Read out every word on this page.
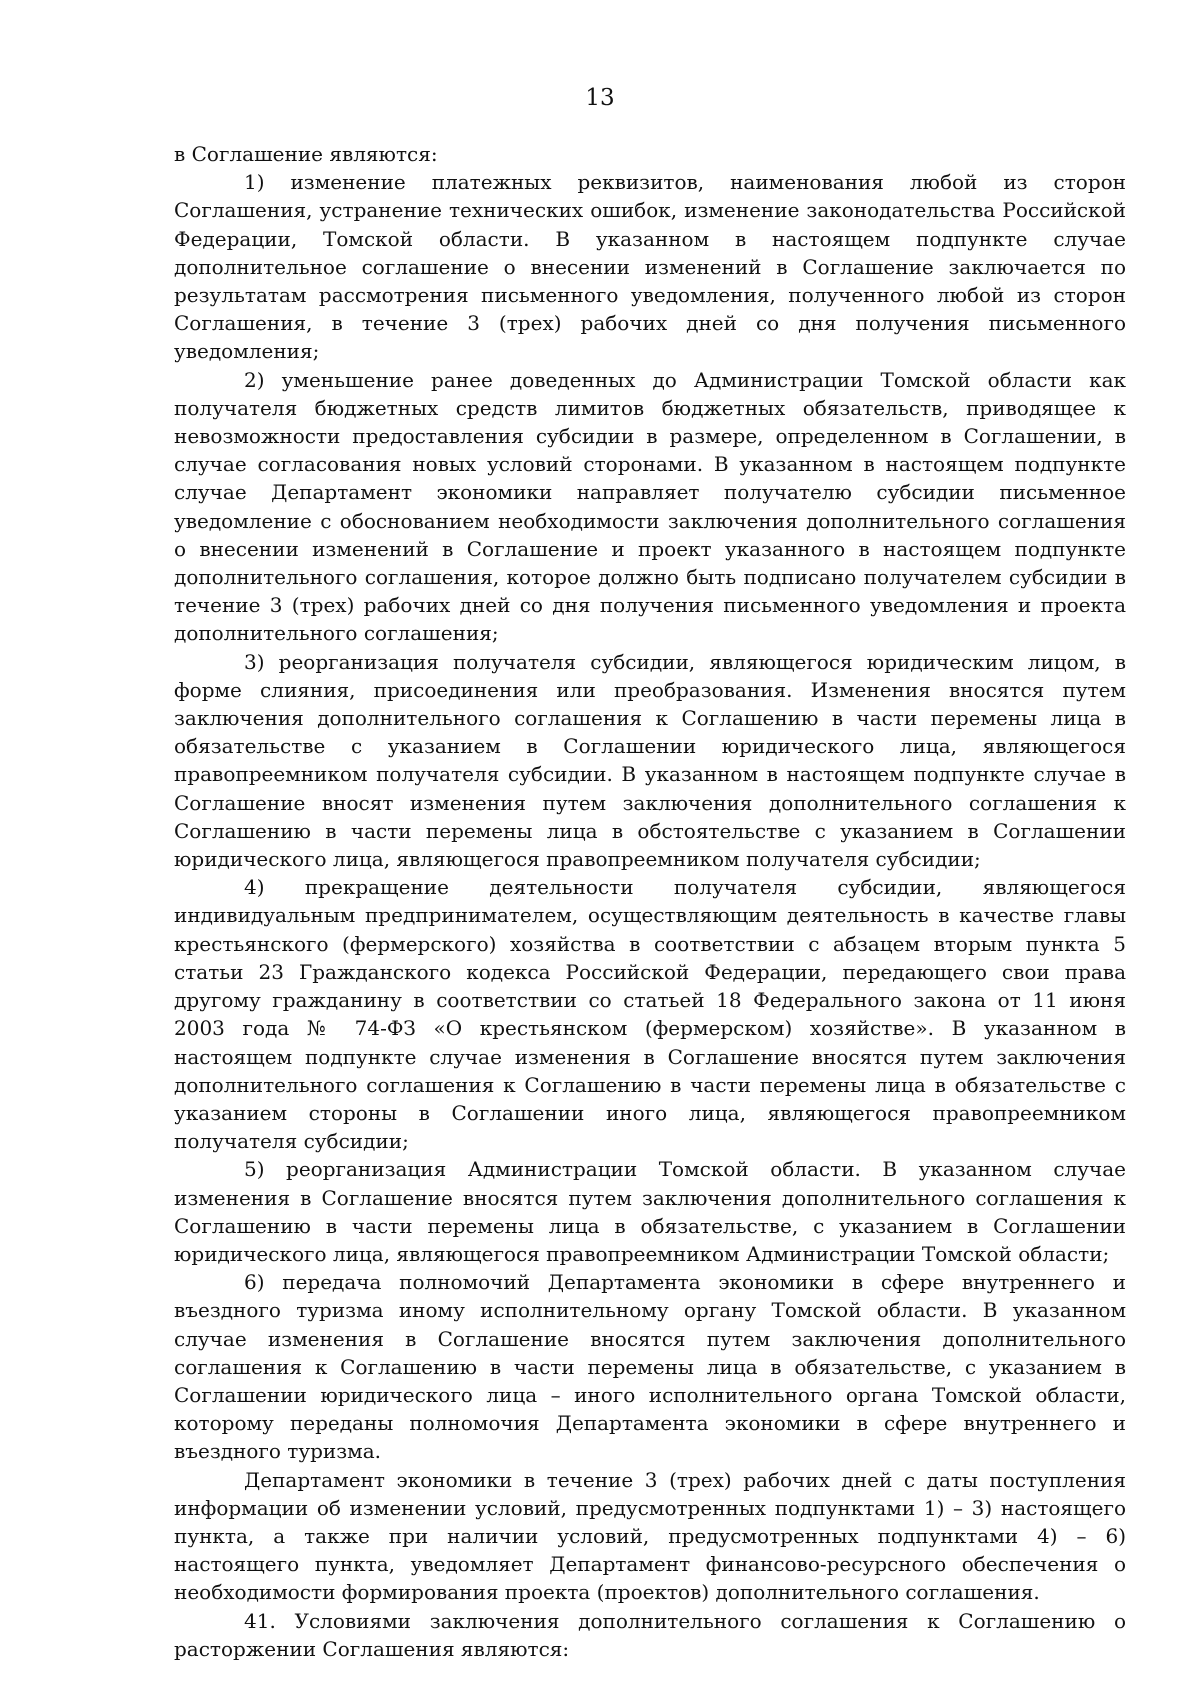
13

в Соглашение являются:

1) изменение платежных реквизитов, наименования любой из сторон Соглашения, устранение технических ошибок, изменение законодательства Российской Федерации, Томской области. В указанном в настоящем подпункте случае дополнительное соглашение о внесении изменений в Соглашение заключается по результатам рассмотрения письменного уведомления, полученного любой из сторон Соглашения, в течение 3 (трех) рабочих дней со дня получения письменного уведомления;

2) уменьшение ранее доведенных до Администрации Томской области как получателя бюджетных средств лимитов бюджетных обязательств, приводящее к невозможности предоставления субсидии в размере, определенном в Соглашении, в случае согласования новых условий сторонами. В указанном в настоящем подпункте случае Департамент экономики направляет получателю субсидии письменное уведомление с обоснованием необходимости заключения дополнительного соглашения о внесении изменений в Соглашение и проект указанного в настоящем подпункте дополнительного соглашения, которое должно быть подписано получателем субсидии в течение 3 (трех) рабочих дней со дня получения письменного уведомления и проекта дополнительного соглашения;

3) реорганизация получателя субсидии, являющегося юридическим лицом, в форме слияния, присоединения или преобразования. Изменения вносятся путем заключения дополнительного соглашения к Соглашению в части перемены лица в обязательстве с указанием в Соглашении юридического лица, являющегося правопреемником получателя субсидии. В указанном в настоящем подпункте случае в Соглашение вносят изменения путем заключения дополнительного соглашения к Соглашению в части перемены лица в обстоятельстве с указанием в Соглашении юридического лица, являющегося правопреемником получателя субсидии;

4) прекращение деятельности получателя субсидии, являющегося индивидуальным предпринимателем, осуществляющим деятельность в качестве главы крестьянского (фермерского) хозяйства в соответствии с абзацем вторым пункта 5 статьи 23 Гражданского кодекса Российской Федерации, передающего свои права другому гражданину в соответствии со статьей 18 Федерального закона от 11 июня 2003 года № 74-ФЗ «О крестьянском (фермерском) хозяйстве». В указанном в настоящем подпункте случае изменения в Соглашение вносятся путем заключения дополнительного соглашения к Соглашению в части перемены лица в обязательстве с указанием стороны в Соглашении иного лица, являющегося правопреемником получателя субсидии;

5) реорганизация Администрации Томской области. В указанном случае изменения в Соглашение вносятся путем заключения дополнительного соглашения к Соглашению в части перемены лица в обязательстве, с указанием в Соглашении юридического лица, являющегося правопреемником Администрации Томской области;

6) передача полномочий Департамента экономики в сфере внутреннего и въездного туризма иному исполнительному органу Томской области. В указанном случае изменения в Соглашение вносятся путем заключения дополнительного соглашения к Соглашению в части перемены лица в обязательстве, с указанием в Соглашении юридического лица – иного исполнительного органа Томской области, которому переданы полномочия Департамента экономики в сфере внутреннего и въездного туризма.

Департамент экономики в течение 3 (трех) рабочих дней с даты поступления информации об изменении условий, предусмотренных подпунктами 1) – 3) настоящего пункта, а также при наличии условий, предусмотренных подпунктами 4) – 6) настоящего пункта, уведомляет Департамент финансово-ресурсного обеспечения о необходимости формирования проекта (проектов) дополнительного соглашения.

41. Условиями заключения дополнительного соглашения к Соглашению о расторжении Соглашения являются:
